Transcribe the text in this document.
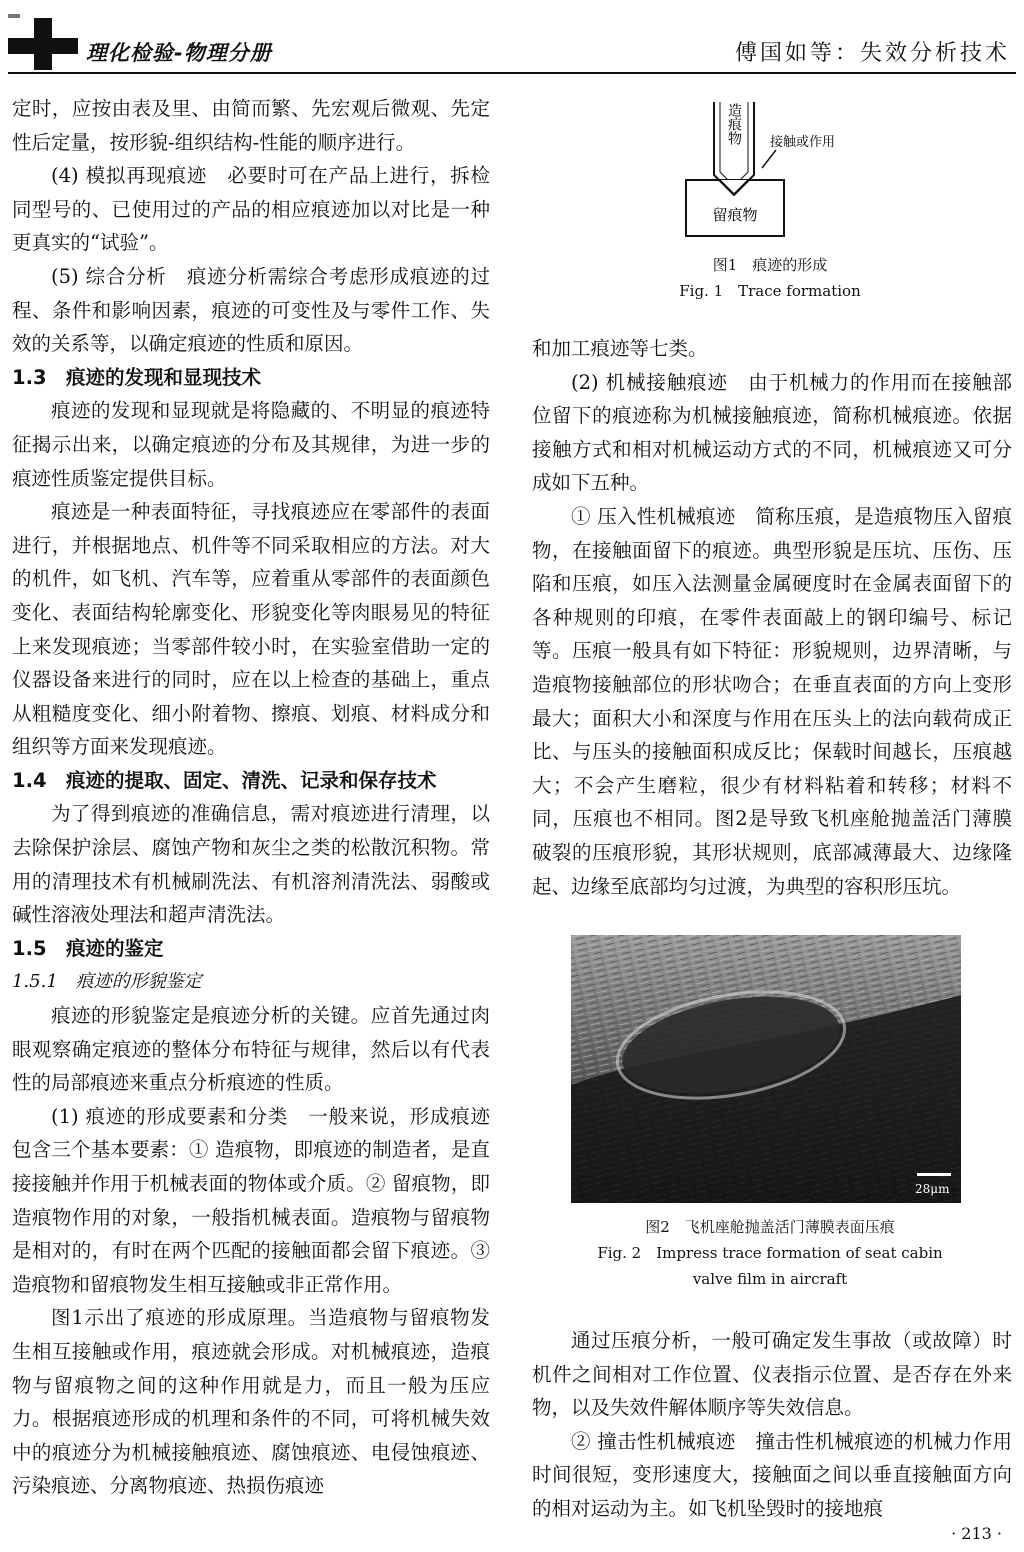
理化检验-物理分册	傅国如等：失效分析技术

定时，应按由表及里、由简而繁、先宏观后微观、先定性后定量，按形貌-组织结构-性能的顺序进行。

(4) 模拟再现痕迹　必要时可在产品上进行，拆检同型号的、已使用过的产品的相应痕迹加以对比是一种更真实的“试验”。

(5) 综合分析　痕迹分析需综合考虑形成痕迹的过程、条件和影响因素，痕迹的可变性及与零件工作、失效的关系等，以确定痕迹的性质和原因。

1.3　痕迹的发现和显现技术

痕迹的发现和显现就是将隐藏的、不明显的痕迹特征揭示出来，以确定痕迹的分布及其规律，为进一步的痕迹性质鉴定提供目标。

痕迹是一种表面特征，寻找痕迹应在零部件的表面进行，并根据地点、机件等不同采取相应的方法。对大的机件，如飞机、汽车等，应着重从零部件的表面颜色变化、表面结构轮廓变化、形貌变化等肉眼易见的特征上来发现痕迹；当零部件较小时，在实验室借助一定的仪器设备来进行的同时，应在以上检查的基础上，重点从粗糙度变化、细小附着物、擦痕、划痕、材料成分和组织等方面来发现痕迹。

1.4　痕迹的提取、固定、清洗、记录和保存技术

为了得到痕迹的准确信息，需对痕迹进行清理，以去除保护涂层、腐蚀产物和灰尘之类的松散沉积物。常用的清理技术有机械刷洗法、有机溶剂清洗法、弱酸或碱性溶液处理法和超声清洗法。

1.5　痕迹的鉴定
1.5.1　痕迹的形貌鉴定

痕迹的形貌鉴定是痕迹分析的关键。应首先通过肉眼观察确定痕迹的整体分布特征与规律，然后以有代表性的局部痕迹来重点分析痕迹的性质。

(1) 痕迹的形成要素和分类　一般来说，形成痕迹包含三个基本要素：① 造痕物，即痕迹的制造者，是直接接触并作用于机械表面的物体或介质。② 留痕物，即造痕物作用的对象，一般指机械表面。造痕物与留痕物是相对的，有时在两个匹配的接触面都会留下痕迹。③ 造痕物和留痕物发生相互接触或非正常作用。

图1示出了痕迹的形成原理。当造痕物与留痕物发生相互接触或作用，痕迹就会形成。对机械痕迹，造痕物与留痕物之间的这种作用就是力，而且一般为压应力。根据痕迹形成的机理和条件的不同，可将机械失效中的痕迹分为机械接触痕迹、腐蚀痕迹、电侵蚀痕迹、污染痕迹、分离物痕迹、热损伤痕迹

造痕物 接触或作用
留痕物
图1　痕迹的形成
Fig. 1　Trace formation

和加工痕迹等七类。

(2) 机械接触痕迹　由于机械力的作用而在接触部位留下的痕迹称为机械接触痕迹，简称机械痕迹。依据接触方式和相对机械运动方式的不同，机械痕迹又可分成如下五种。

① 压入性机械痕迹　简称压痕，是造痕物压入留痕物，在接触面留下的痕迹。典型形貌是压坑、压伤、压陷和压痕，如压入法测量金属硬度时在金属表面留下的各种规则的印痕，在零件表面敲上的钢印编号、标记等。压痕一般具有如下特征：形貌规则，边界清晰，与造痕物接触部位的形状吻合；在垂直表面的方向上变形最大；面积大小和深度与作用在压头上的法向载荷成正比、与压头的接触面积成反比；保载时间越长，压痕越大；不会产生磨粒，很少有材料粘着和转移；材料不同，压痕也不相同。图2是导致飞机座舱抛盖活门薄膜破裂的压痕形貌，其形状规则，底部减薄最大、边缘隆起、边缘至底部均匀过渡，为典型的容积形压坑。

28μm
图2　飞机座舱抛盖活门薄膜表面压痕
Fig. 2　Impress trace formation of seat cabin
valve film in aircraft

通过压痕分析，一般可确定发生事故（或故障）时机件之间相对工作位置、仪表指示位置、是否存在外来物，以及失效件解体顺序等失效信息。

② 撞击性机械痕迹　撞击性机械痕迹的机械力作用时间很短，变形速度大，接触面之间以垂直接触面方向的相对运动为主。如飞机坠毁时的接地痕

· 213 ·
